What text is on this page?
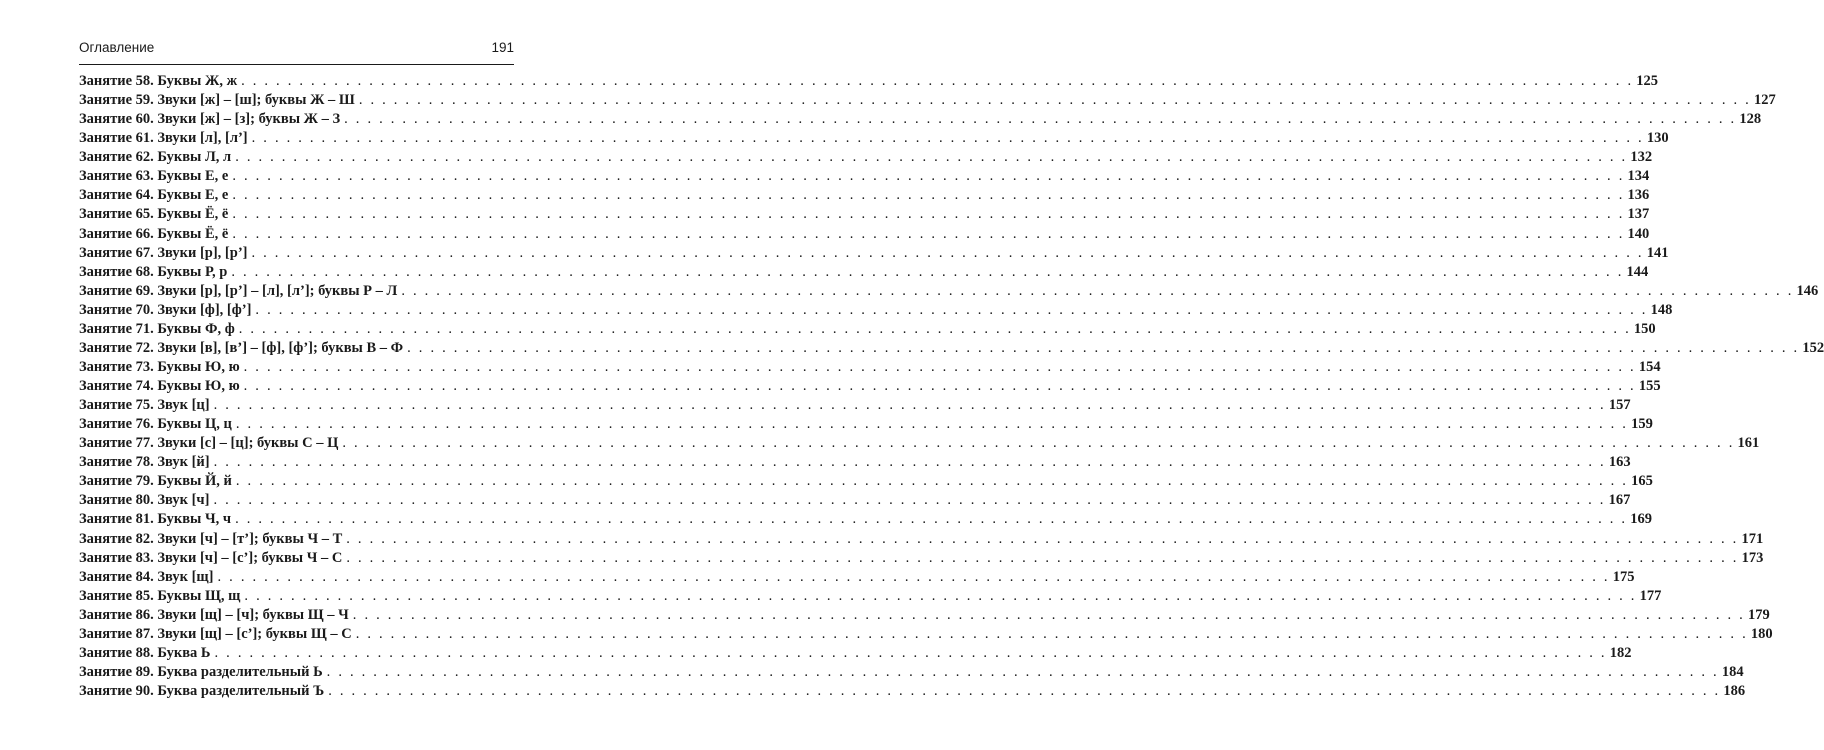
Оглавление	191
Занятие 58. Буквы Ж, ж . . . . . . . . . . . . . . . . . . . . . . . . . . . . . . . . . . . . . . . . . . . . . . . . . . . . . . . . . . . . . . . . . . . . . . . . . . . . . . . . . . . . . . . . . . . . . . . . . . . . . . . . . . . . . . . . . . . . . . . . 125
Занятие 59. Звуки [ж] – [ш]; буквы Ж – Ш . . . . . . . . . . . . . . . . . . . . . . . . . . . . . . . . . . . . . . . . . . . . . . . . . . . . . . . . . . . . . . . . . . . . . . . . . . . . . . . . . . . . . . . . . . . . . . . . . . . . . . . . . . . . . . . . . . . . . . . . 127
Занятие 60. Звуки [ж] – [з]; буквы Ж – З . . . . . . . . . . . . . . . . . . . . . . . . . . . . . . . . . . . . . . . . . . . . . . . . . . . . . . . . . . . . . . . . . . . . . . . . . . . . . . . . . . . . . . . . . . . . . . . . . . . . . . . . . . . . . . . . . . . . . . . . 128
Занятие 61. Звуки [л], [л’] . . . . . . . . . . . . . . . . . . . . . . . . . . . . . . . . . . . . . . . . . . . . . . . . . . . . . . . . . . . . . . . . . . . . . . . . . . . . . . . . . . . . . . . . . . . . . . . . . . . . . . . . . . . . . . . . . . . . . . . . 130
Занятие 62. Буквы Л, л . . . . . . . . . . . . . . . . . . . . . . . . . . . . . . . . . . . . . . . . . . . . . . . . . . . . . . . . . . . . . . . . . . . . . . . . . . . . . . . . . . . . . . . . . . . . . . . . . . . . . . . . . . . . . . . . . . . . . . . . 132
Занятие 63. Буквы Е, е . . . . . . . . . . . . . . . . . . . . . . . . . . . . . . . . . . . . . . . . . . . . . . . . . . . . . . . . . . . . . . . . . . . . . . . . . . . . . . . . . . . . . . . . . . . . . . . . . . . . . . . . . . . . . . . . . . . . . . . . 134
Занятие 64. Буквы Е, е . . . . . . . . . . . . . . . . . . . . . . . . . . . . . . . . . . . . . . . . . . . . . . . . . . . . . . . . . . . . . . . . . . . . . . . . . . . . . . . . . . . . . . . . . . . . . . . . . . . . . . . . . . . . . . . . . . . . . . . . 136
Занятие 65. Буквы Ё, ё . . . . . . . . . . . . . . . . . . . . . . . . . . . . . . . . . . . . . . . . . . . . . . . . . . . . . . . . . . . . . . . . . . . . . . . . . . . . . . . . . . . . . . . . . . . . . . . . . . . . . . . . . . . . . . . . . . . . . . . . 137
Занятие 66. Буквы Ё, ё . . . . . . . . . . . . . . . . . . . . . . . . . . . . . . . . . . . . . . . . . . . . . . . . . . . . . . . . . . . . . . . . . . . . . . . . . . . . . . . . . . . . . . . . . . . . . . . . . . . . . . . . . . . . . . . . . . . . . . . . 140
Занятие 67. Звуки [р], [р’] . . . . . . . . . . . . . . . . . . . . . . . . . . . . . . . . . . . . . . . . . . . . . . . . . . . . . . . . . . . . . . . . . . . . . . . . . . . . . . . . . . . . . . . . . . . . . . . . . . . . . . . . . . . . . . . . . . . . . . . . 141
Занятие 68. Буквы Р, р . . . . . . . . . . . . . . . . . . . . . . . . . . . . . . . . . . . . . . . . . . . . . . . . . . . . . . . . . . . . . . . . . . . . . . . . . . . . . . . . . . . . . . . . . . . . . . . . . . . . . . . . . . . . . . . . . . . . . . . . 144
Занятие 69. Звуки [р], [р’] – [л], [л’]; буквы Р – Л . . . . . . . . . . . . . . . . . . . . . . . . . . . . . . . . . . . . . . . . . . . . . . . . . . . . . . . . . . . . . . . . . . . . . . . . . . . . . . . . . . . . . . . . . . . . . . . . . . . . . . . . . . . . . . . . . . . . . . . . 146
Занятие 70. Звуки [ф], [ф’] . . . . . . . . . . . . . . . . . . . . . . . . . . . . . . . . . . . . . . . . . . . . . . . . . . . . . . . . . . . . . . . . . . . . . . . . . . . . . . . . . . . . . . . . . . . . . . . . . . . . . . . . . . . . . . . . . . . . . . . . 148
Занятие 71. Буквы Ф, ф . . . . . . . . . . . . . . . . . . . . . . . . . . . . . . . . . . . . . . . . . . . . . . . . . . . . . . . . . . . . . . . . . . . . . . . . . . . . . . . . . . . . . . . . . . . . . . . . . . . . . . . . . . . . . . . . . . . . . . . . 150
Занятие 72. Звуки [в], [в’] – [ф], [ф’]; буквы В – Ф . . . . . . . . . . . . . . . . . . . . . . . . . . . . . . . . . . . . . . . . . . . . . . . . . . . . . . . . . . . . . . . . . . . . . . . . . . . . . . . . . . . . . . . . . . . . . . . . . . . . . . . . . . . . . . . . . . . . . . . . 152
Занятие 73. Буквы Ю, ю . . . . . . . . . . . . . . . . . . . . . . . . . . . . . . . . . . . . . . . . . . . . . . . . . . . . . . . . . . . . . . . . . . . . . . . . . . . . . . . . . . . . . . . . . . . . . . . . . . . . . . . . . . . . . . . . . . . . . . . . 154
Занятие 74. Буквы Ю, ю . . . . . . . . . . . . . . . . . . . . . . . . . . . . . . . . . . . . . . . . . . . . . . . . . . . . . . . . . . . . . . . . . . . . . . . . . . . . . . . . . . . . . . . . . . . . . . . . . . . . . . . . . . . . . . . . . . . . . . . . 155
Занятие 75. Звук [ц] . . . . . . . . . . . . . . . . . . . . . . . . . . . . . . . . . . . . . . . . . . . . . . . . . . . . . . . . . . . . . . . . . . . . . . . . . . . . . . . . . . . . . . . . . . . . . . . . . . . . . . . . . . . . . . . . . . . . . . . . 157
Занятие 76. Буквы Ц, ц . . . . . . . . . . . . . . . . . . . . . . . . . . . . . . . . . . . . . . . . . . . . . . . . . . . . . . . . . . . . . . . . . . . . . . . . . . . . . . . . . . . . . . . . . . . . . . . . . . . . . . . . . . . . . . . . . . . . . . . . 159
Занятие 77. Звуки [с] – [ц]; буквы С – Ц . . . . . . . . . . . . . . . . . . . . . . . . . . . . . . . . . . . . . . . . . . . . . . . . . . . . . . . . . . . . . . . . . . . . . . . . . . . . . . . . . . . . . . . . . . . . . . . . . . . . . . . . . . . . . . . . . . . . . . . . 161
Занятие 78. Звук [й] . . . . . . . . . . . . . . . . . . . . . . . . . . . . . . . . . . . . . . . . . . . . . . . . . . . . . . . . . . . . . . . . . . . . . . . . . . . . . . . . . . . . . . . . . . . . . . . . . . . . . . . . . . . . . . . . . . . . . . . . 163
Занятие 79. Буквы Й, й . . . . . . . . . . . . . . . . . . . . . . . . . . . . . . . . . . . . . . . . . . . . . . . . . . . . . . . . . . . . . . . . . . . . . . . . . . . . . . . . . . . . . . . . . . . . . . . . . . . . . . . . . . . . . . . . . . . . . . . . 165
Занятие 80. Звук [ч] . . . . . . . . . . . . . . . . . . . . . . . . . . . . . . . . . . . . . . . . . . . . . . . . . . . . . . . . . . . . . . . . . . . . . . . . . . . . . . . . . . . . . . . . . . . . . . . . . . . . . . . . . . . . . . . . . . . . . . . . 167
Занятие 81. Буквы Ч, ч . . . . . . . . . . . . . . . . . . . . . . . . . . . . . . . . . . . . . . . . . . . . . . . . . . . . . . . . . . . . . . . . . . . . . . . . . . . . . . . . . . . . . . . . . . . . . . . . . . . . . . . . . . . . . . . . . . . . . . . . 169
Занятие 82. Звуки [ч] – [т’]; буквы Ч – Т . . . . . . . . . . . . . . . . . . . . . . . . . . . . . . . . . . . . . . . . . . . . . . . . . . . . . . . . . . . . . . . . . . . . . . . . . . . . . . . . . . . . . . . . . . . . . . . . . . . . . . . . . . . . . . . . . . . . . . . . 171
Занятие 83. Звуки [ч] – [с’]; буквы Ч – С . . . . . . . . . . . . . . . . . . . . . . . . . . . . . . . . . . . . . . . . . . . . . . . . . . . . . . . . . . . . . . . . . . . . . . . . . . . . . . . . . . . . . . . . . . . . . . . . . . . . . . . . . . . . . . . . . . . . . . . . 173
Занятие 84. Звук [щ] . . . . . . . . . . . . . . . . . . . . . . . . . . . . . . . . . . . . . . . . . . . . . . . . . . . . . . . . . . . . . . . . . . . . . . . . . . . . . . . . . . . . . . . . . . . . . . . . . . . . . . . . . . . . . . . . . . . . . . . . 175
Занятие 85. Буквы Щ, щ . . . . . . . . . . . . . . . . . . . . . . . . . . . . . . . . . . . . . . . . . . . . . . . . . . . . . . . . . . . . . . . . . . . . . . . . . . . . . . . . . . . . . . . . . . . . . . . . . . . . . . . . . . . . . . . . . . . . . . . . 177
Занятие 86. Звуки [щ] – [ч]; буквы Щ – Ч . . . . . . . . . . . . . . . . . . . . . . . . . . . . . . . . . . . . . . . . . . . . . . . . . . . . . . . . . . . . . . . . . . . . . . . . . . . . . . . . . . . . . . . . . . . . . . . . . . . . . . . . . . . . . . . . . . . . . . . . 179
Занятие 87. Звуки [щ] – [с’]; буквы Щ – С . . . . . . . . . . . . . . . . . . . . . . . . . . . . . . . . . . . . . . . . . . . . . . . . . . . . . . . . . . . . . . . . . . . . . . . . . . . . . . . . . . . . . . . . . . . . . . . . . . . . . . . . . . . . . . . . . . . . . . . . 180
Занятие 88. Буква Ь . . . . . . . . . . . . . . . . . . . . . . . . . . . . . . . . . . . . . . . . . . . . . . . . . . . . . . . . . . . . . . . . . . . . . . . . . . . . . . . . . . . . . . . . . . . . . . . . . . . . . . . . . . . . . . . . . . . . . . . . 182
Занятие 89. Буква разделительный Ь . . . . . . . . . . . . . . . . . . . . . . . . . . . . . . . . . . . . . . . . . . . . . . . . . . . . . . . . . . . . . . . . . . . . . . . . . . . . . . . . . . . . . . . . . . . . . . . . . . . . . . . . . . . . . . . . . . . . . . . . 184
Занятие 90. Буква разделительный Ъ . . . . . . . . . . . . . . . . . . . . . . . . . . . . . . . . . . . . . . . . . . . . . . . . . . . . . . . . . . . . . . . . . . . . . . . . . . . . . . . . . . . . . . . . . . . . . . . . . . . . . . . . . . . . . . . . . . . . . . . . 186
